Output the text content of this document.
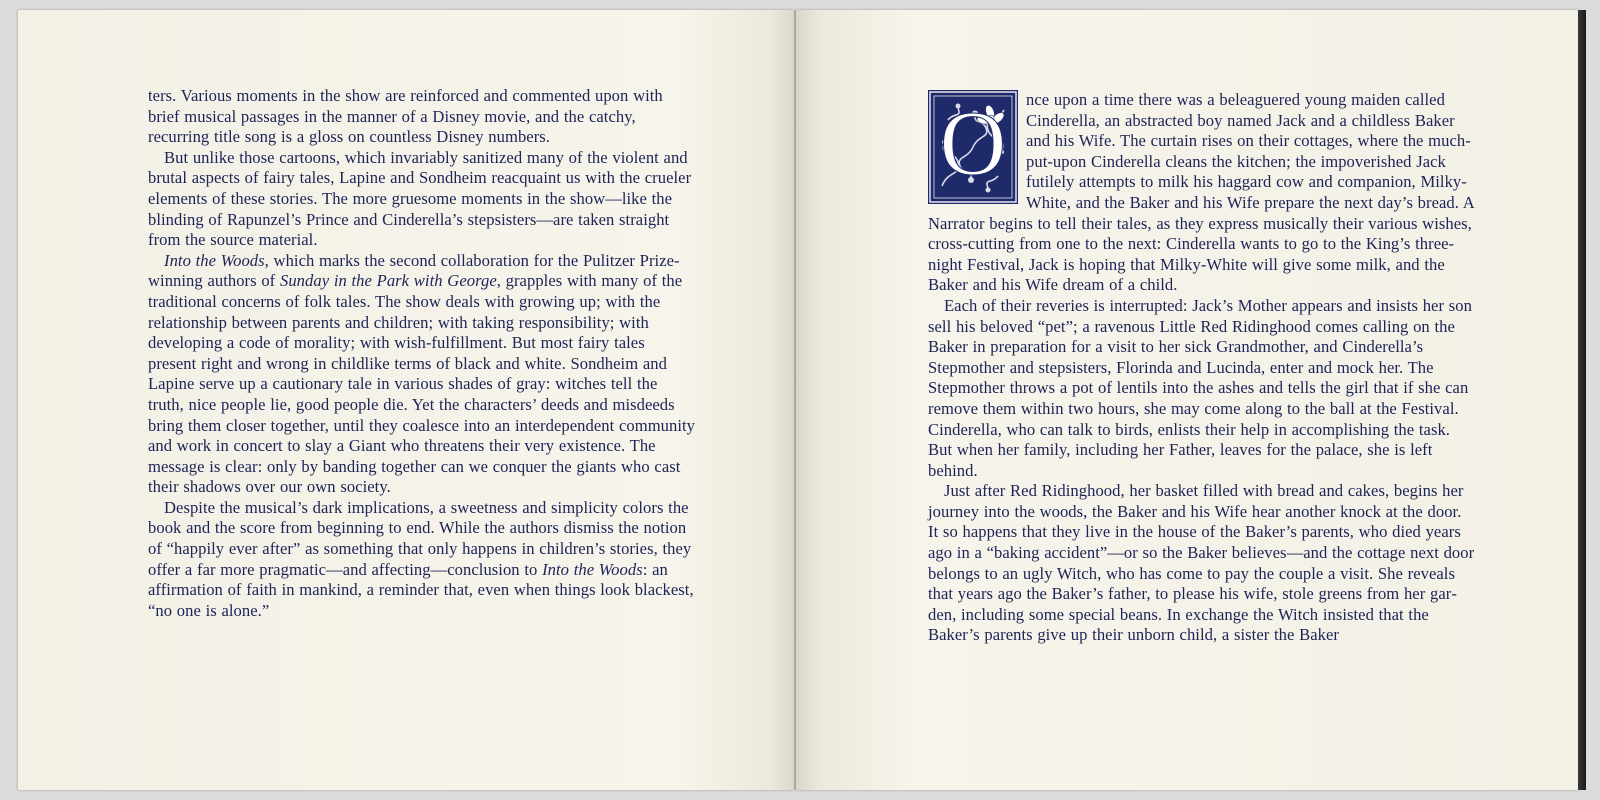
ters. Various moments in the show are reinforced and commented upon with brief musical passages in the manner of a Disney movie, and the catchy, recurring title song is a gloss on countless Disney numbers.

But unlike those cartoons, which invariably sanitized many of the violent and brutal aspects of fairy tales, Lapine and Sondheim reacquaint us with the crueler elements of these stories. The more gruesome moments in the show—like the blinding of Rapunzel’s Prince and Cinderella’s stepsisters—are taken straight from the source material.

Into the Woods, which marks the second collaboration for the Pulitzer Prize-winning authors of Sunday in the Park with George, grapples with many of the traditional concerns of folk tales. The show deals with growing up; with the relationship between parents and children; with taking responsibility; with developing a code of morality; with wish-fulfillment. But most fairy tales present right and wrong in childlike terms of black and white. Sondheim and Lapine serve up a cautionary tale in various shades of gray: witches tell the truth, nice people lie, good people die. Yet the characters’ deeds and misdeeds bring them closer together, until they coalesce into an interdependent community and work in concert to slay a Giant who threatens their very existence. The message is clear: only by banding together can we conquer the giants who cast their shadows over our own society.

Despite the musical’s dark implications, a sweetness and simplicity colors the book and the score from beginning to end. While the authors dismiss the notion of “happily ever after” as something that only happens in children’s stories, they offer a far more pragmatic—and affecting—conclusion to Into the Woods: an affirmation of faith in mankind, a reminder that, even when things look blackest, “no one is alone.”

O	nce upon a time there was a beleaguered young maiden called Cinderella, an abstracted boy named Jack and a childless Baker and his Wife. The curtain rises on their cottages, where the much-put-upon Cinderella cleans the kitchen; the impoverished Jack futilely attempts to milk his haggard cow and companion, Milky-White, and the Baker and his Wife prepare the next day’s bread. A Narrator begins to tell their tales, as they express musically their various wishes, cross-cutting from one to the next: Cinderella wants to go to the King’s three-night Festival, Jack is hoping that Milky-White will give some milk, and the Baker and his Wife dream of a child.

Each of their reveries is interrupted: Jack’s Mother appears and insists her son sell his beloved “pet”; a ravenous Little Red Ridinghood comes calling on the Baker in preparation for a visit to her sick Grandmother, and Cinderella’s Stepmother and stepsisters, Florinda and Lucinda, enter and mock her. The Stepmother throws a pot of lentils into the ashes and tells the girl that if she can remove them within two hours, she may come along to the ball at the Festival. Cinderella, who can talk to birds, enlists their help in accomplishing the task. But when her family, including her Father, leaves for the palace, she is left behind.

Just after Red Ridinghood, her basket filled with bread and cakes, begins her journey into the woods, the Baker and his Wife hear another knock at the door. It so happens that they live in the house of the Baker’s parents, who died years ago in a “baking accident”—or so the Baker believes—and the cottage next door belongs to an ugly Witch, who has come to pay the couple a visit. She reveals that years ago the Baker’s father, to please his wife, stole greens from her garden, including some special beans. In exchange the Witch insisted that the Baker’s parents give up their unborn child, a sister the Baker
